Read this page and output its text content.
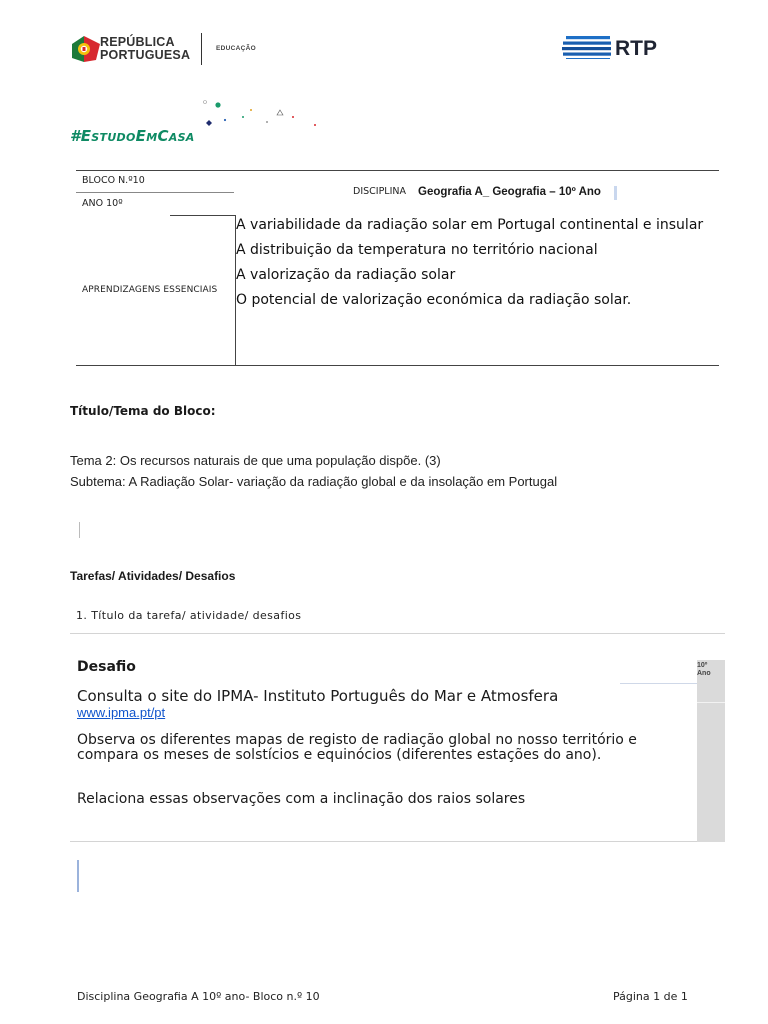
REPÚBLICA
PORTUGUESA	EDUCAÇÃO	RTP
#ESTUDOEMCASA
BLOCO N.º10
ANO 10º
DISCIPLINA Geografia A_ Geografia – 10º Ano
APRENDIZAGENS ESSENCIAIS
A variabilidade da radiação solar em Portugal continental e insular
A distribuição da temperatura no território nacional
A valorização da radiação solar
O potencial de valorização económica da radiação solar.
Título/Tema do Bloco:
Tema 2: Os recursos naturais de que uma população dispõe. (3)
Subtema: A Radiação Solar- variação da radiação global e da insolação em Portugal
Tarefas/ Atividades/ Desafios
1. Título da tarefa/ atividade/ desafios
Desafio
Consulta o site do IPMA- Instituto Português do Mar e Atmosfera
www.ipma.pt/pt
Observa os diferentes mapas de registo de radiação global no nosso território e compara os meses de solstícios e equinócios (diferentes estações do ano).
Relaciona essas observações com a inclinação dos raios solares
10º
Ano
Disciplina Geografia A 10º ano- Bloco n.º 10	Página 1 de 1
